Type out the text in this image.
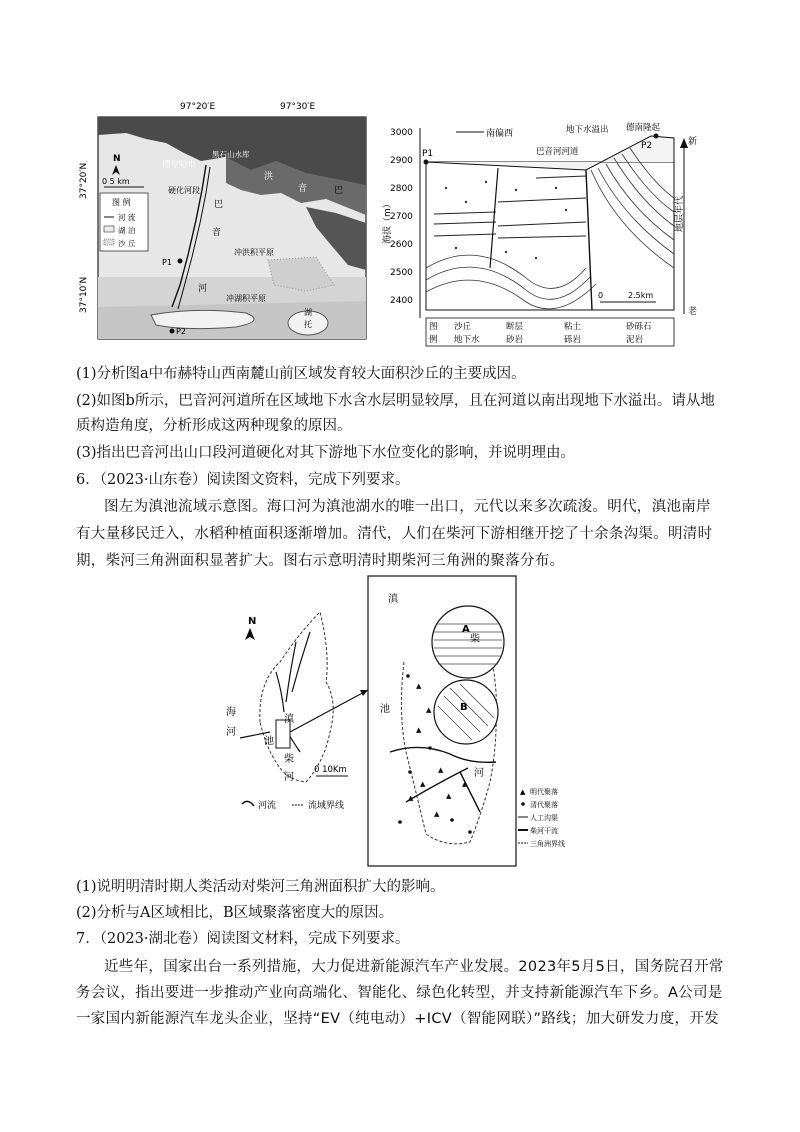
图 例
河 流
湖 泊
沙 丘
N
0 5 km
德令哈市
黑石山水库
硬化河段
巴
音
河
洪
音	巴
冲洪积平原
冲湖积平原
P1
P2
湖
托
97°20′E	97°30′E
37°20′N
37°10′N
3000
2900
2800
2700
2600
2500
2400
海拔（m）
P1
P2
南偏西	地下水溢出
巴音河河道
德南隆起
0	2.5km
新
地层年代
老
图
例
沙丘	断层	粘土	砂砾石
地下水	砂岩	砾岩	泥岩
(1)分析图a中布赫特山西南麓山前区域发育较大面积沙丘的主要成因。
(2)如图b所示，巴音河河道所在区域地下水含水层明显较厚，且在河道以南出现地下水溢出。请从地
质构造角度，分析形成这两种现象的原因。
(3)指出巴音河出山口段河道硬化对其下游地下水位变化的影响，并说明理由。
6．（2023·山东卷）阅读图文资料，完成下列要求。
图左为滇池流域示意图。海口河为滇池湖水的唯一出口，元代以来多次疏浚。明代，滇池南岸有大量移民迁入，水稻种植面积逐渐增加。清代，人们在柴河下游相继开挖了十余条沟渠。明清时期，柴河三角洲面积显著扩大。图右示意明清时期柴河三角洲的聚落分布。
N
海
河
滇
池
柴
河
0 10Km
河流	流域界线
▲
▲
▲
▲
▲
▲
▲
▲
▲
滇
池
柴
河
A
B
▲ 明代聚落
清代聚落
人工沟渠
柴河干流
三角洲界线
(1)说明明清时期人类活动对柴河三角洲面积扩大的影响。
(2)分析与A区域相比，B区域聚落密度大的原因。
7．（2023·湖北卷）阅读图文材料，完成下列要求。
近些年，国家出台一系列措施，大力促进新能源汽车产业发展。2023年5月5日，国务院召开常务会议，指出要进一步推动产业向高端化、智能化、绿色化转型，并支持新能源汽车下乡。A公司是一家国内新能源汽车龙头企业，坚持“EV（纯电动）+ICV（智能网联）”路线；加大研发力度，开发
